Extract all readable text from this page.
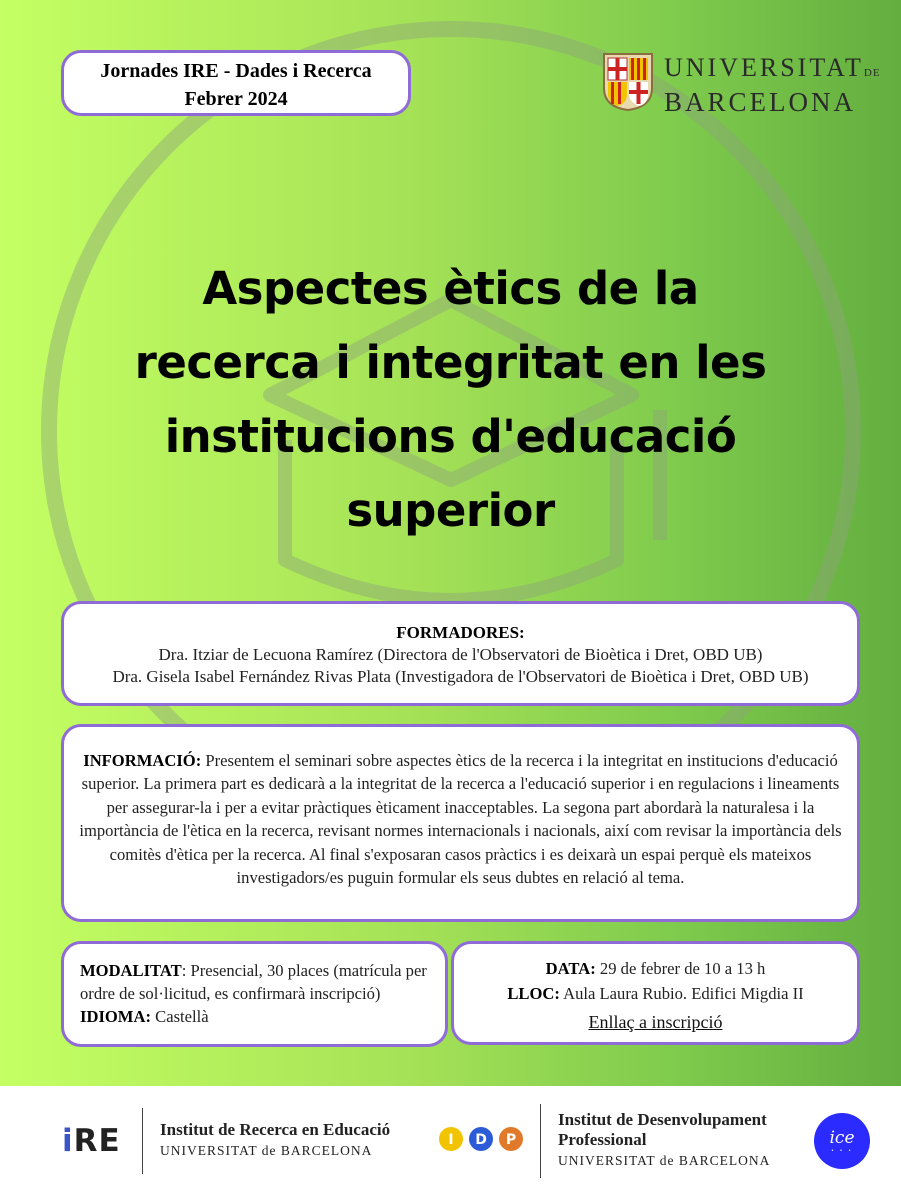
Jornades IRE - Dades i Recerca
Febrer 2024
UNIVERSITATDE
BARCELONA
Aspectes ètics de la
recerca i integritat en les
institucions d'educació
superior
FORMADORES:
Dra. Itziar de Lecuona Ramírez (Directora de l'Observatori de Bioètica i Dret, OBD UB)
Dra. Gisela Isabel Fernández Rivas Plata (Investigadora de l'Observatori de Bioètica i Dret, OBD UB)
INFORMACIÓ: Presentem el seminari sobre aspectes ètics de la recerca i la integritat en institucions d'educació superior. La primera part es dedicarà a la integritat de la recerca a l'educació superior i en regulacions i lineaments per assegurar-la i per a evitar pràctiques èticament inacceptables. La segona part abordarà la naturalesa i la importància de l'ètica en la recerca, revisant normes internacionals i nacionals, així com revisar la importància dels comitès d'ètica per la recerca. Al final s'exposaran casos pràctics i es deixarà un espai perquè els mateixos investigadors/es puguin formular els seus dubtes en relació al tema.
MODALITAT: Presencial, 30 places (matrícula per ordre de sol·licitud, es confirmarà inscripció)
IDIOMA: Castellà
DATA: 29 de febrer de 10 a 13 h
LLOC: Aula Laura Rubio. Edifici Migdia II
Enllaç a inscripció
iRE Institut de Recerca en Educació
UNIVERSITAT de BARCELONA
I D P
Institut de Desenvolupament
Professional
UNIVERSITAT de BARCELONA
ice
• • •
